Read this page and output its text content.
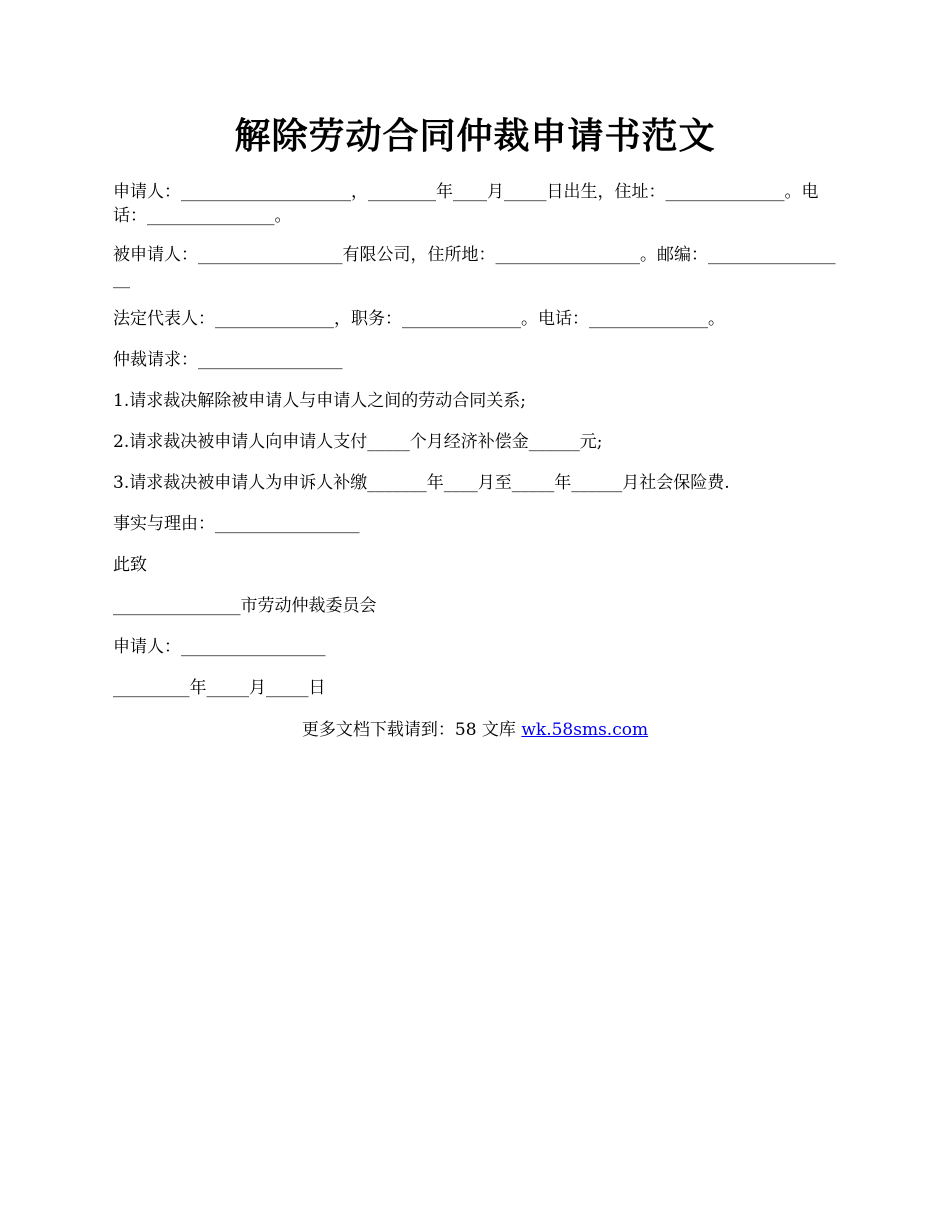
解除劳动合同仲裁申请书范文

申请人：____________________，________年____月_____日出生，住址：______________。电话：_______________。

被申请人：_________________有限公司，住所地：_________________。邮编：_________________

法定代表人：______________，职务：______________。电话：______________。

仲裁请求：_________________

1.请求裁决解除被申请人与申请人之间的劳动合同关系;

2.请求裁决被申请人向申请人支付_____个月经济补偿金______元;

3.请求裁决被申请人为申诉人补缴_______年____月至_____年______月社会保险费.

事实与理由：_________________

此致

_______________市劳动仲裁委员会

申请人：_________________

_________年_____月_____日

更多文档下载请到：58 文库 wk.58sms.com
